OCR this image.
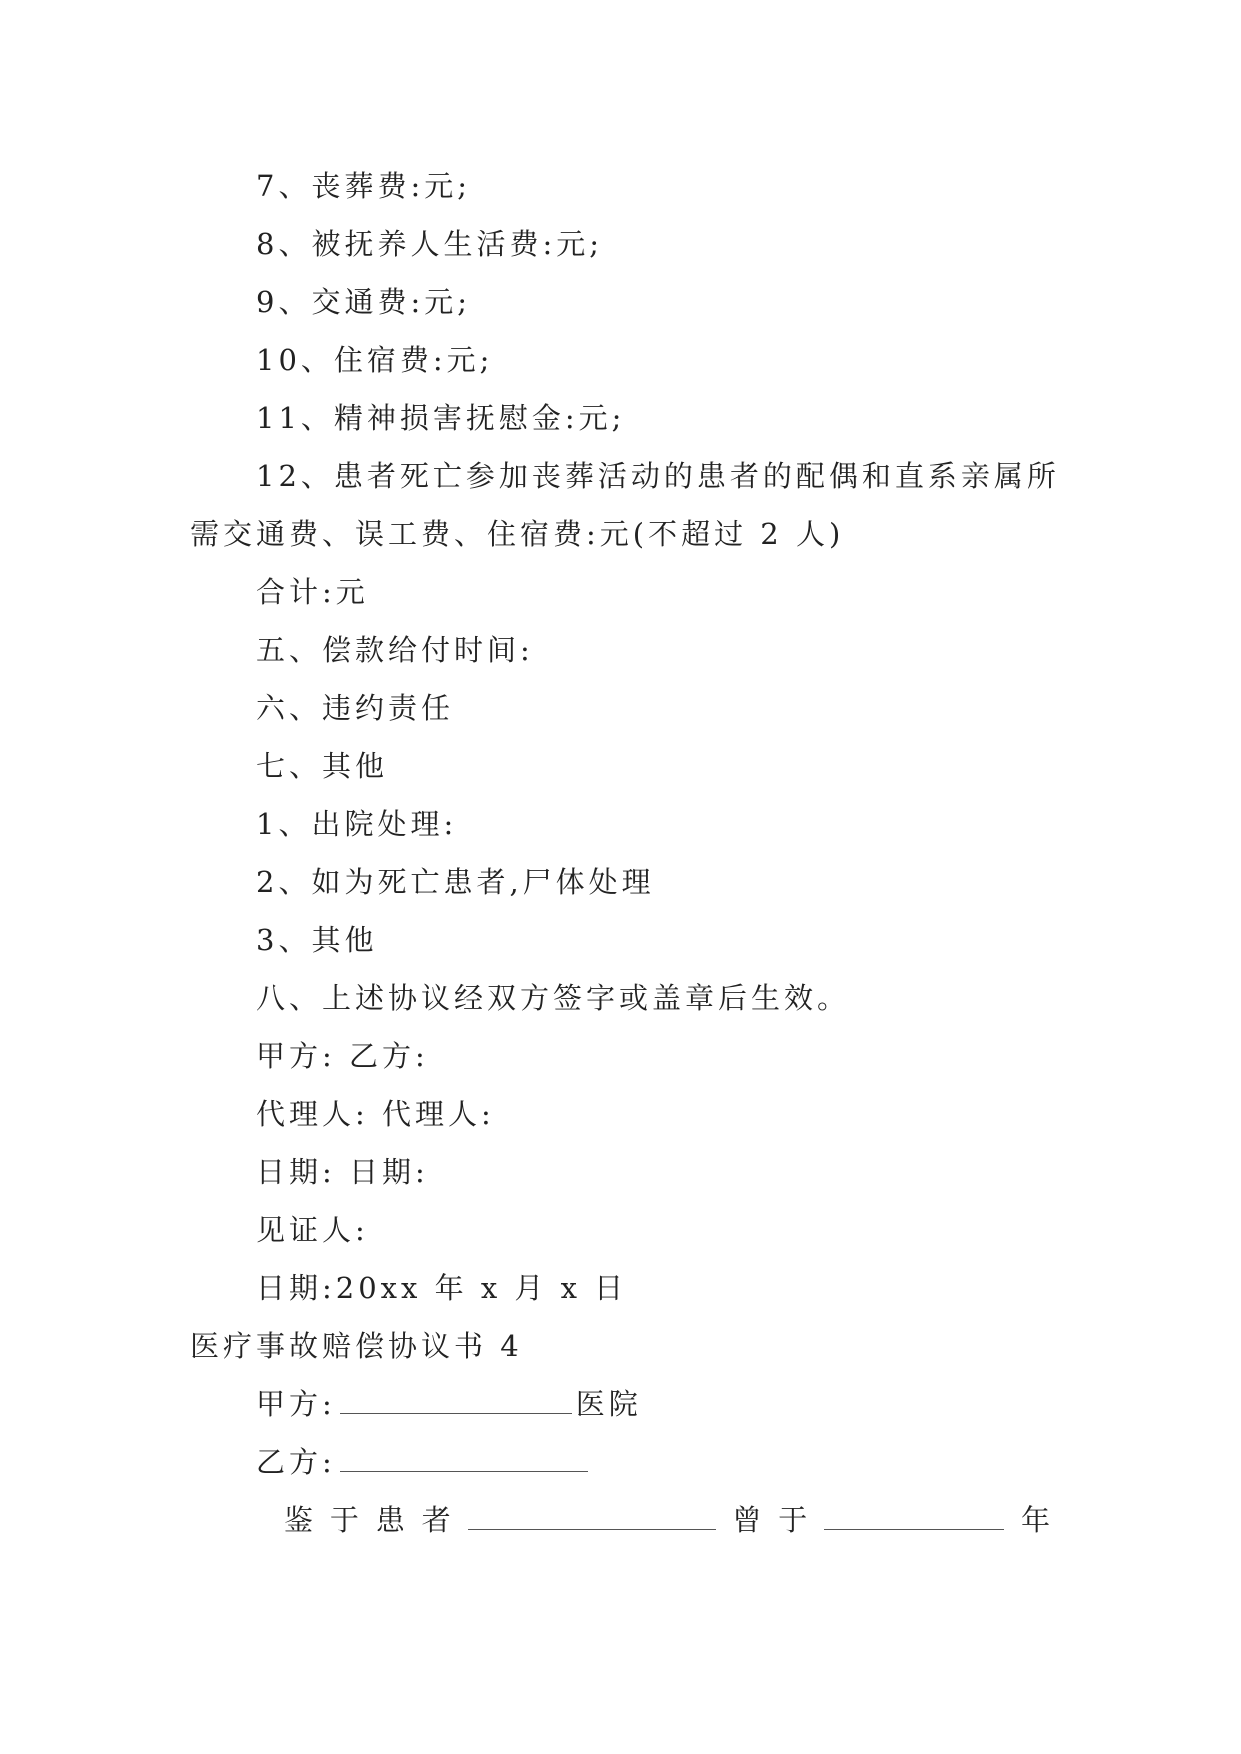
7、丧葬费:元;
8、被抚养人生活费:元;
9、交通费:元;
10、住宿费:元;
11、精神损害抚慰金:元;
12、患者死亡参加丧葬活动的患者的配偶和直系亲属所
需交通费、误工费、住宿费:元(不超过 2 人)
合计:元
五、偿款给付时间:
六、违约责任
七、其他
1、出院处理:
2、如为死亡患者,尸体处理
3、其他
八、上述协议经双方签字或盖章后生效。
甲方: 乙方:
代理人: 代理人:
日期: 日期:
见证人:
日期:20xx 年 x 月 x 日
医疗事故赔偿协议书 4
甲方:	医院
乙方:
鉴 于 患 者	曾 于	年
